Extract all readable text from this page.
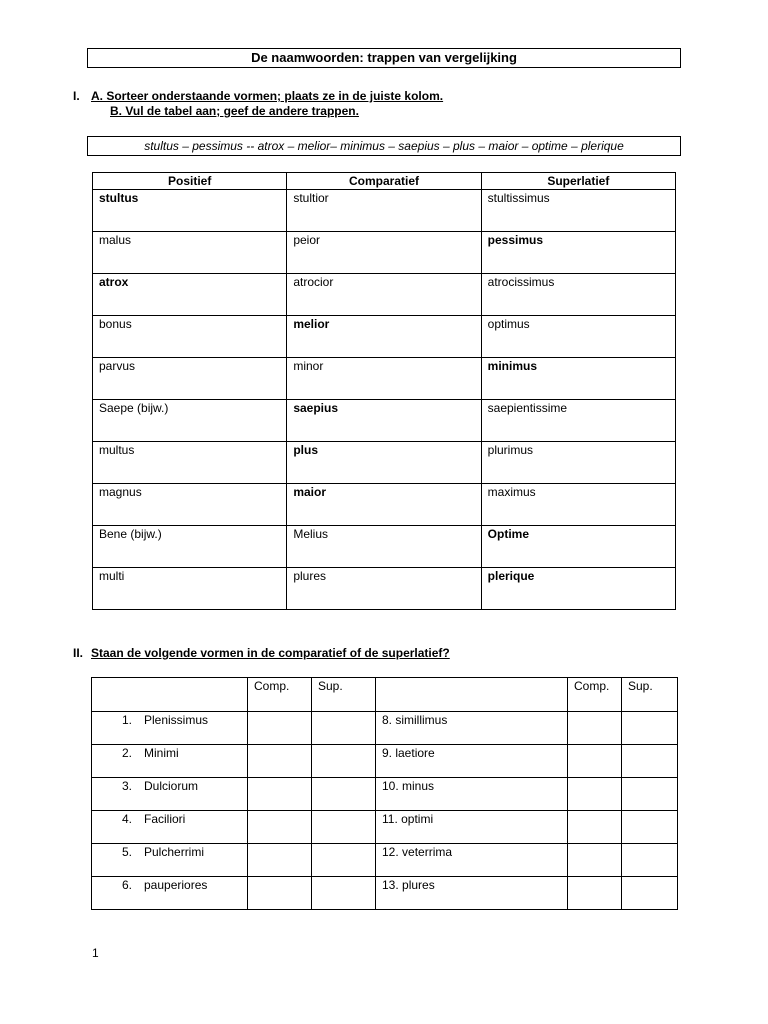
De naamwoorden: trappen van vergelijking
I. A. Sorteer onderstaande vormen; plaats ze in de juiste kolom.
B. Vul de tabel aan; geef de andere trappen.
stultus – pessimus -- atrox – melior– minimus – saepius – plus – maior – optime – plerique
Positief	Comparatief	Superlatief
stultus	stultior	stultissimus
malus	peior	pessimus
atrox	atrocior	atrocissimus
bonus	melior	optimus
parvus	minor	minimus
Saepe (bijw.)	saepius	saepientissime
multus	plus	plurimus
magnus	maior	maximus
Bene (bijw.)	Melius	Optime
multi	plures	plerique
II. Staan de volgende vormen in de comparatief of de superlatief?
	Comp.	Sup.		Comp.	Sup.
1. Plenissimus			8. simillimus		
2. Minimi			9. laetiore		
3. Dulciorum			10. minus		
4. Faciliori			11. optimi		
5. Pulcherrimi			12. veterrima		
6. pauperiores			13. plures		
1
